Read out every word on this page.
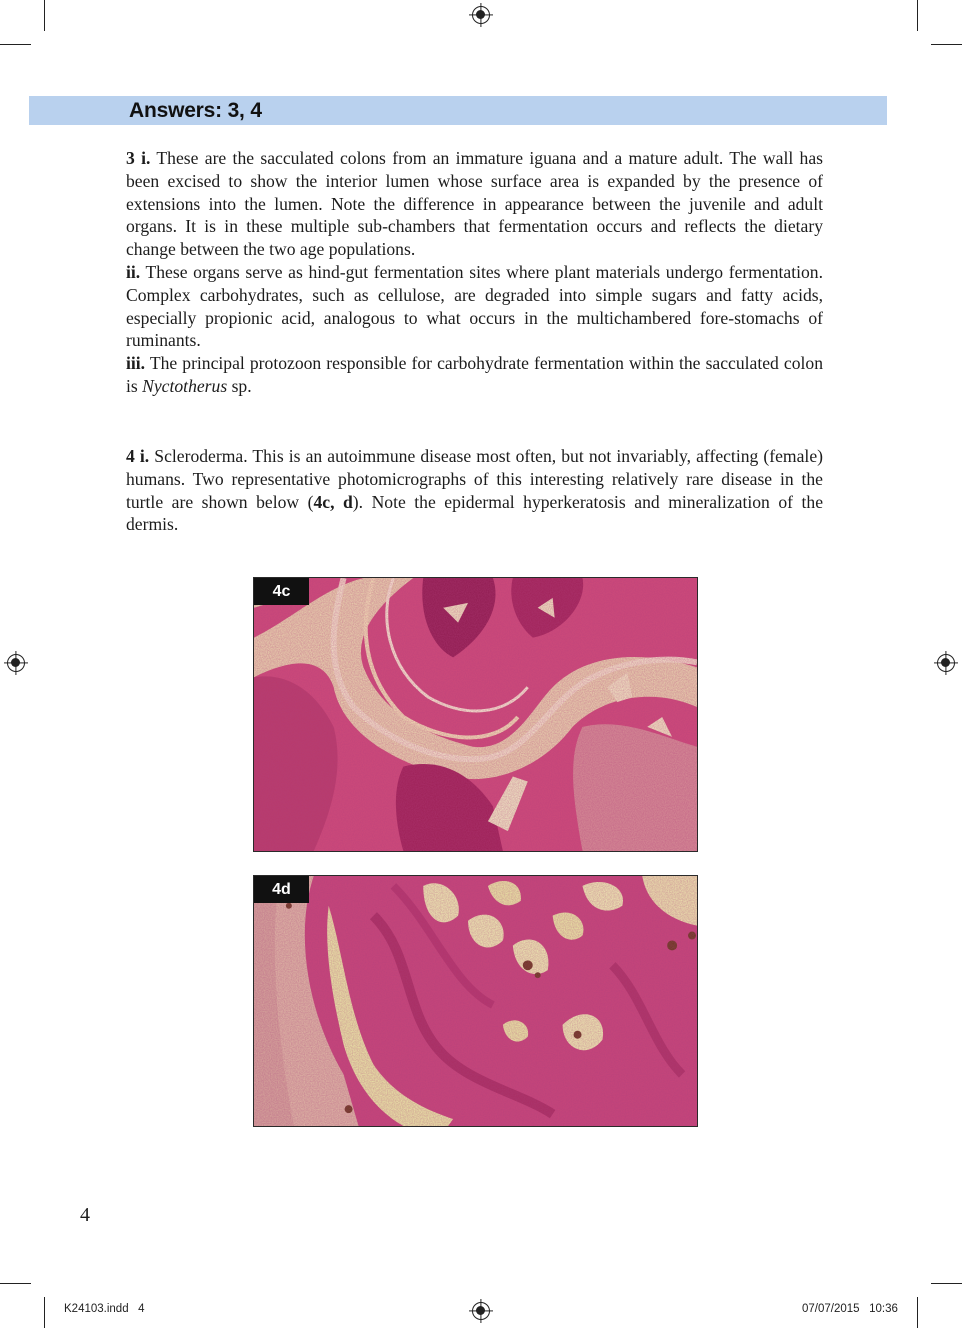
Answers: 3, 4

3 i. These are the sacculated colons from an immature iguana and a mature adult. The wall has been excised to show the interior lumen whose surface area is expanded by the presence of extensions into the lumen. Note the difference in appearance between the juvenile and adult organs. It is in these multiple sub-chambers that fermentation occurs and reflects the dietary change between the two age populations.

ii. These organs serve as hind-gut fermentation sites where plant materials undergo fermentation. Complex carbohydrates, such as cellulose, are degraded into simple sugars and fatty acids, especially propionic acid, analogous to what occurs in the multichambered fore-stomachs of ruminants.

iii. The principal protozoon responsible for carbohydrate fermentation within the sacculated colon is Nyctotherus sp.

4 i. Scleroderma. This is an autoimmune disease most often, but not invariably, affecting (female) humans. Two representative photomicrographs of this interesting relatively rare disease in the turtle are shown below (4c, d). Note the epidermal hyperkeratosis and mineralization of the dermis.

4c
4d
4
K24103.indd   4	07/07/2015   10:36
